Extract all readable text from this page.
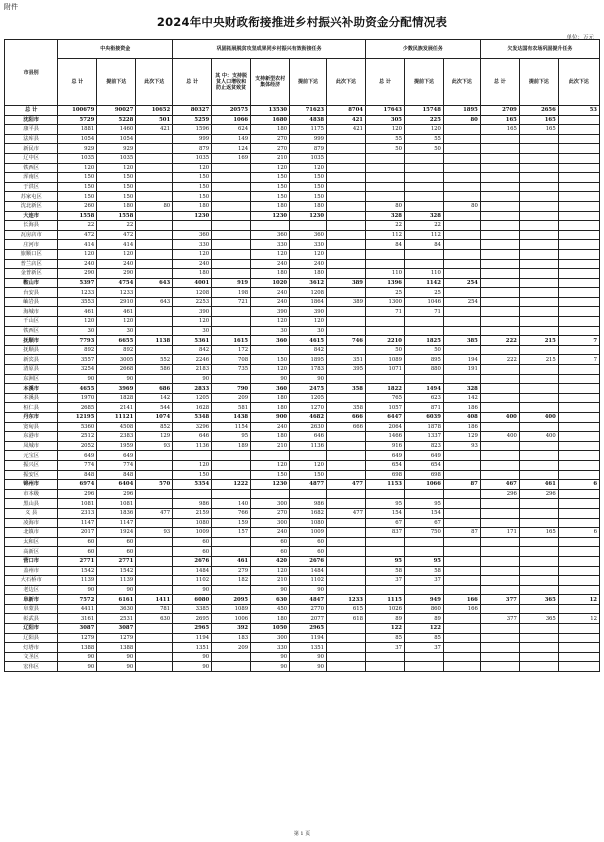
附件
2024年中央财政衔接推进乡村振兴补助资金分配情况表
单位：万元
市县别	中央衔接资金			巩固拓展脱贫攻坚成果同乡村振兴有效衔接任务					少数民族发展任务			欠发达国有农场巩固提升任务		
	总 计	提前下达	此次下达	总 计	其 中：支持脱贫人口增收和防止返贫致贫	支持新型农村集体经济	提前下达	此次下达	总 计	提前下达	此次下达	总 计	提前下达	此次下达
总 计	100679	90027	10652	80327	20575	13530	71623	8704	17643	15748	1895	2709	2656	53
沈阳市	5729	5228	501	5259	1066	1680	4838	421	305	225	80	165	165	
康平县	1881	1460	421	1596	624	180	1175	421	120	120		165	165	
法库县	1054	1054		999	149	270	999		55	55				
新民市	929	929		879	124	270	879		50	50				
辽中区	1035	1035		1035	169	210	1035							
铁西区	120	120		120		120	120							
浑南区	150	150		150		150	150							
于洪区	150	150		150		150	150							
苏家屯区	150	150		150		150	150							
沈北新区	260	180	80	180		180	180		80		80			
大连市	1558	1558		1230		1230	1230		328	328				
长海县	22	22							22	22				
瓦房店市	472	472		360		360	360		112	112				
庄河市	414	414		330		330	330		84	84				
旅顺口区	120	120		120		120	120							
普兰店区	240	240		240		240	240							
金普新区	290	290		180		180	180		110	110				
鞍山市	5397	4754	643	4001	919	1020	3612	389	1396	1142	254			
台安县	1233	1233		1208	198	240	1208		25	25				
岫岩县	3553	2910	643	2253	721	240	1864	389	1300	1046	254			
海城市	461	461		390		390	390		71	71				
千山区	120	120		120		120	120							
铁西区	30	30		30		30	30							
抚顺市	7793	6655	1138	5361	1615	360	4615	746	2210	1825	385	222	215	7
抚顺县	892	892		842	172		842		50	50				
新宾县	3557	3005	552	2246	708	150	1895	351	1089	895	194	222	215	7
清原县	3254	2668	586	2183	735	120	1783	395	1071	880	191			
东洲区	90	90		90		90	90							
本溪市	4655	3969	686	2833	790	360	2475	358	1822	1494	328			
本溪县	1970	1828	142	1205	209	180	1205		765	623	142			
桓仁县	2685	2141	544	1628	581	180	1270	358	1057	871	186			
丹东市	12195	11121	1074	5348	1438	900	4682	666	6447	6039	408	400	400	
宽甸县	5360	4508	852	3296	1154	240	2630	666	2064	1878	186			
东港市	2512	2383	129	646	95	180	646		1466	1337	129	400	400	
凤城市	2052	1959	93	1136	189	210	1136		916	823	93			
元宝区	649	649							649	649				
振兴区	774	774		120		120	120		654	654				
振安区	848	848		150		150	150		698	698				
锦州市	6974	6404	570	5354	1222	1230	4877	477	1153	1066	87	467	461	6
市本级	296	296										296	296	
黑山县	1081	1081		986	140	300	986		95	95				
义 县	2313	1836	477	2159	766	270	1682	477	154	154				
凌海市	1147	1147		1080	159	300	1080		67	67				
北镇市	2017	1924	93	1009	157	240	1009		837	750	87	171	165	6
太和区	60	60		60		60	60							
高新区	60	60		60		60	60							
营口市	2771	2771		2676	461	420	2676		95	95				
盖州市	1542	1542		1484	279	120	1484		58	58				
大石桥市	1139	1139		1102	182	210	1102		37	37				
老边区	90	90		90		90	90							
阜新市	7572	6161	1411	6080	2095	630	4847	1233	1115	949	166	377	365	12
阜蒙县	4411	3630	781	3385	1089	450	2770	615	1026	860	166			
彰武县	3161	2531	630	2695	1006	180	2077	618	89	89		377	365	12
辽阳市	3087	3087		2965	392	1050	2965		122	122				
辽阳县	1279	1279		1194	183	300	1194		85	85				
灯塔市	1388	1388		1351	209	330	1351		37	37				
文圣区	90	90		90		90	90							
宏伟区	90	90		90		90	90							
第 1 页
